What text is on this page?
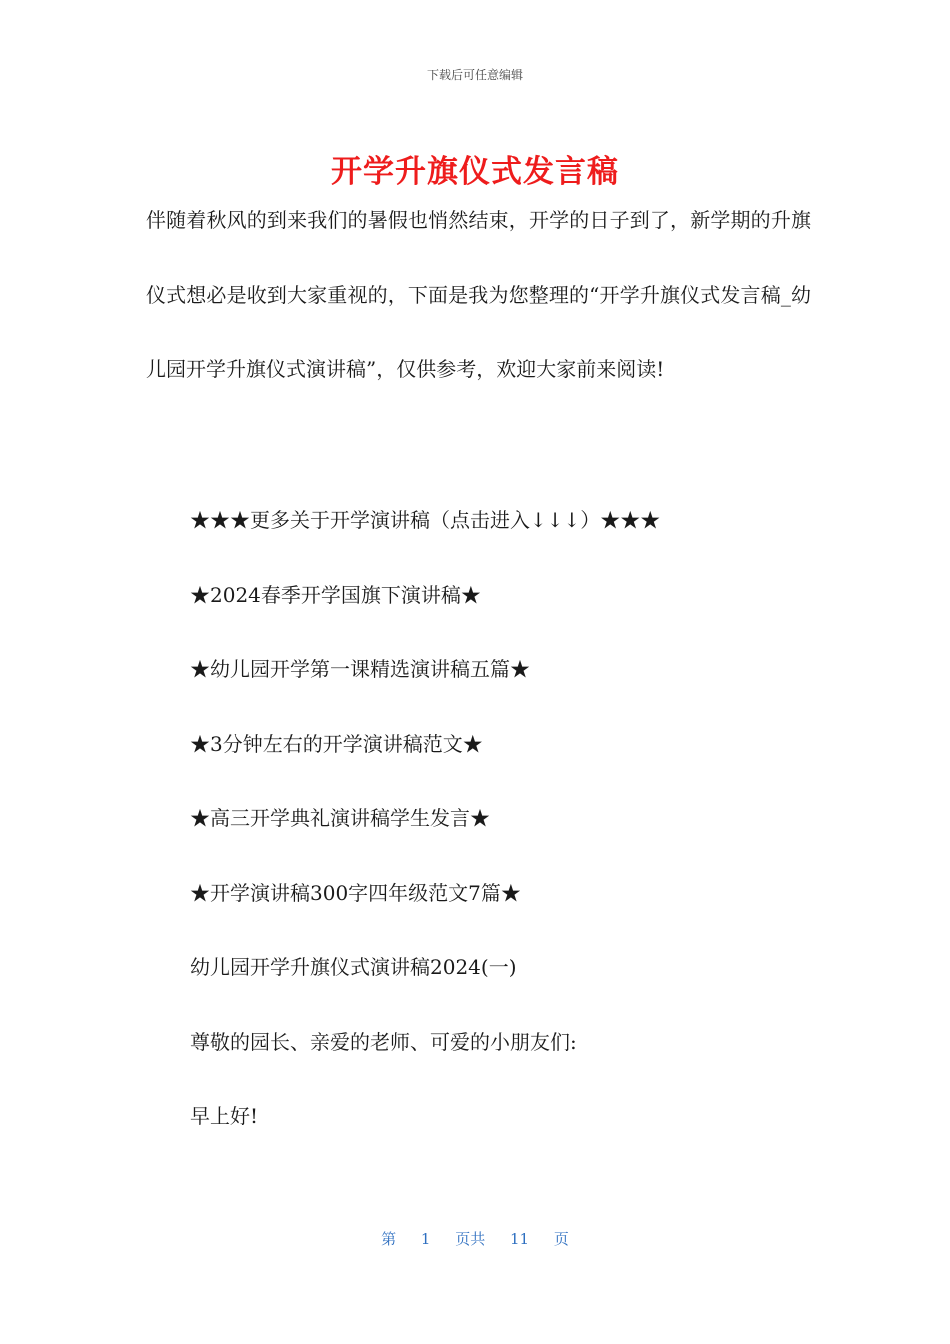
下载后可任意编辑
开学升旗仪式发言稿
伴随着秋风的到来我们的暑假也悄然结束，开学的日子到了，新学期的升旗仪式想必是收到大家重视的，下面是我为您整理的“开学升旗仪式发言稿_幼儿园开学升旗仪式演讲稿”，仅供参考，欢迎大家前来阅读!
★★★更多关于开学演讲稿（点击进入↓↓↓）★★★
★2024春季开学国旗下演讲稿★
★幼儿园开学第一课精选演讲稿五篇★
★3分钟左右的开学演讲稿范文★
★高三开学典礼演讲稿学生发言★
★开学演讲稿300字四年级范文7篇★
幼儿园开学升旗仪式演讲稿2024(一)
尊敬的园长、亲爱的老师、可爱的小朋友们:
早上好!
第 1 页共 11 页
